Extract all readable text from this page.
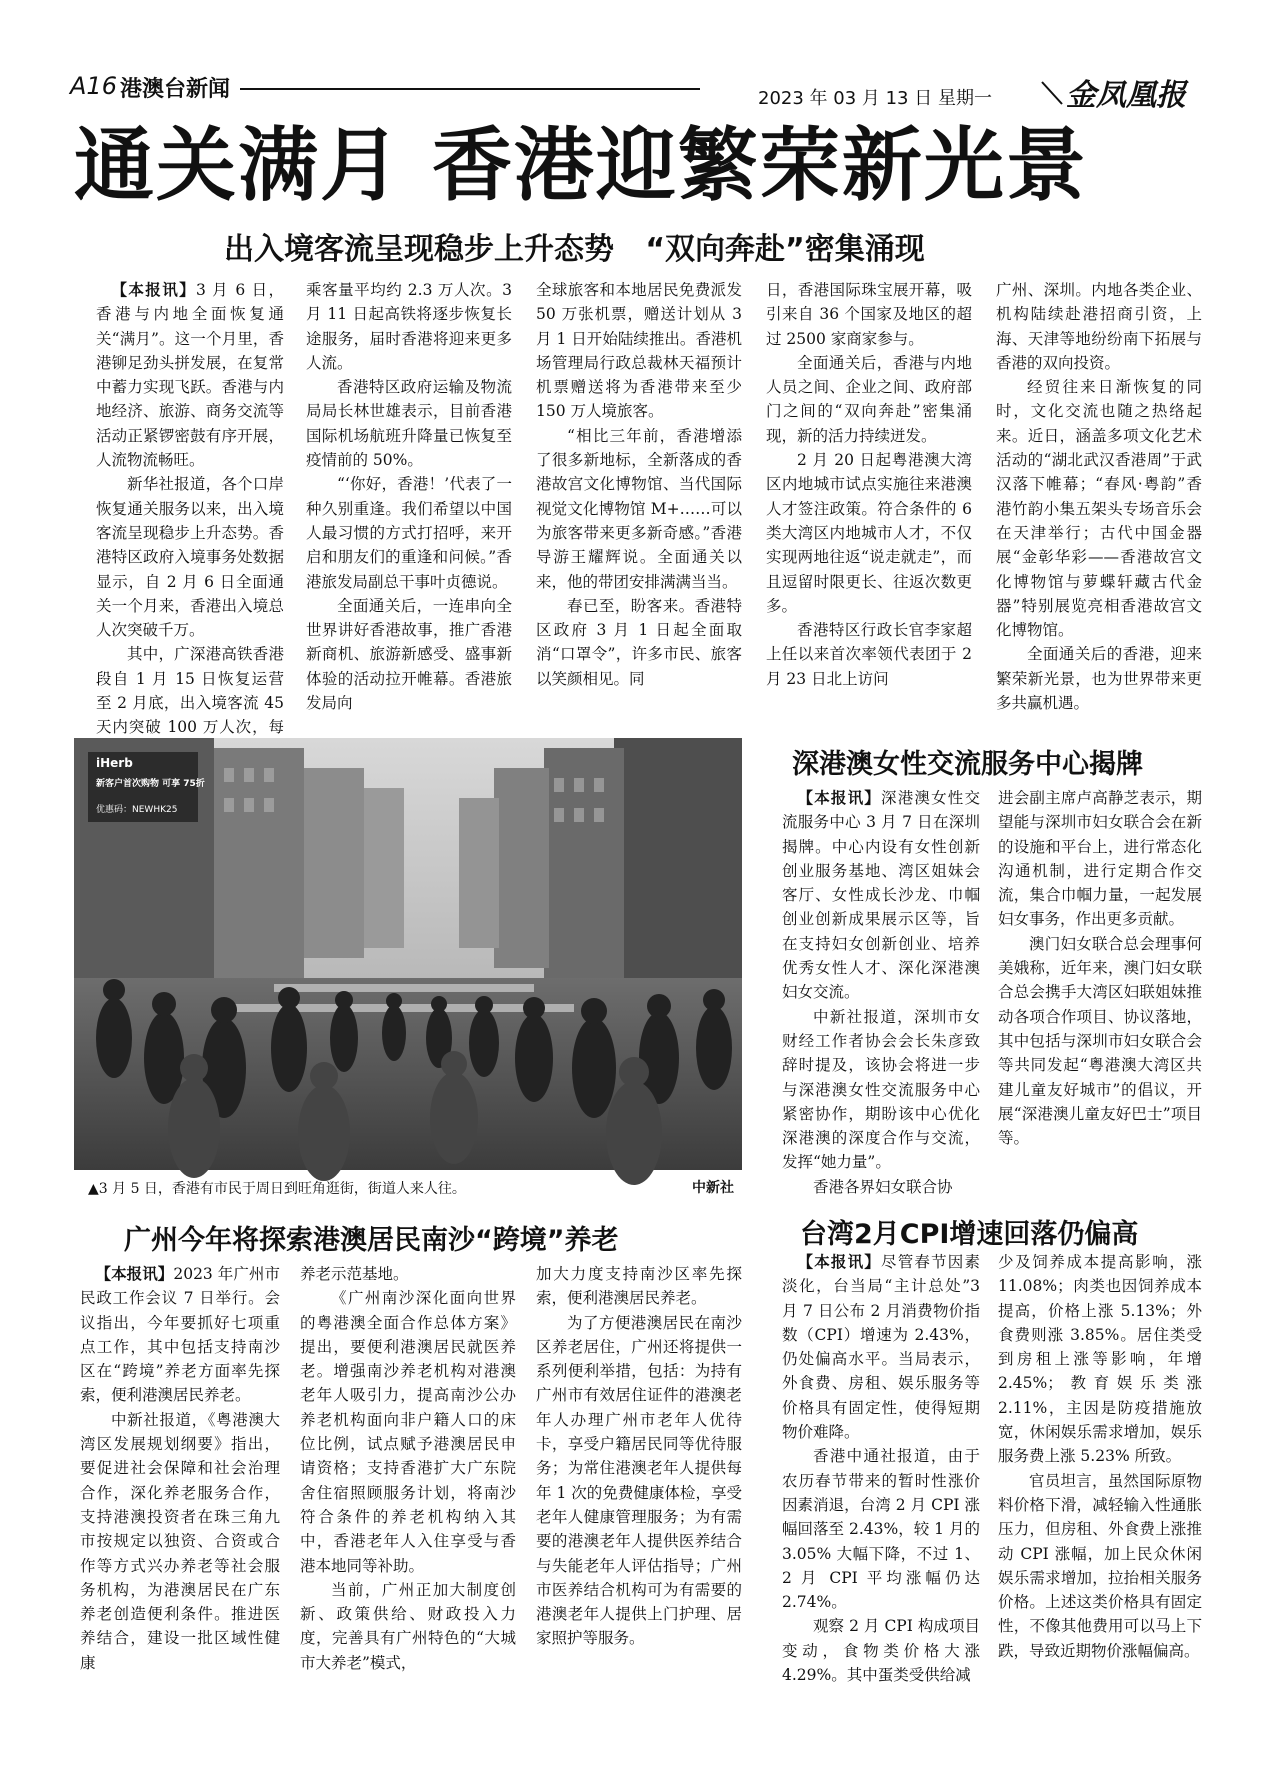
A16 港澳台新闻	2023 年 03 月 13 日 星期一 金凤凰报
通关满月 香港迎繁荣新光景
出入境客流呈现稳步上升态势   “双向奔赴”密集涌现

【本报讯】3 月 6 日，香港与内地全面恢复通关“满月”。这一个月里，香港铆足劲头拼发展，在复常中蓄力实现飞跃。香港与内地经济、旅游、商务交流等活动正紧锣密鼓有序开展，人流物流畅旺。

新华社报道，各个口岸恢复通关服务以来，出入境客流呈现稳步上升态势。香港特区政府入境事务处数据显示，自 2 月 6 日全面通关一个月来，香港出入境总人次突破千万。

其中，广深港高铁香港段自 1 月 15 日恢复运营至 2 月底，出入境客流 45 天内突破 100 万人次，每

乘客量平均约 2.3 万人次。3 月 11 日起高铁将逐步恢复长途服务，届时香港将迎来更多人流。

香港特区政府运输及物流局局长林世雄表示，目前香港国际机场航班升降量已恢复至疫情前的 50%。

“‘你好，香港！’代表了一种久别重逢。我们希望以中国人最习惯的方式打招呼，来开启和朋友们的重逢和问候。”香港旅发局副总干事叶贞德说。

全面通关后，一连串向全世界讲好香港故事，推广香港新商机、旅游新感受、盛事新体验的活动拉开帷幕。香港旅发局向

全球旅客和本地居民免费派发 50 万张机票，赠送计划从 3 月 1 日开始陆续推出。香港机场管理局行政总裁林天福预计机票赠送将为香港带来至少 150 万人境旅客。

“相比三年前，香港增添了很多新地标，全新落成的香港故宫文化博物馆、当代国际视觉文化博物馆 M+……可以为旅客带来更多新奇感。”香港导游王耀辉说。全面通关以来，他的带团安排满满当当。

春已至，盼客来。香港特区政府 3 月 1 日起全面取消“口罩令”，许多市民、旅客以笑颜相见。同

日，香港国际珠宝展开幕，吸引来自 36 个国家及地区的超过 2500 家商家参与。

全面通关后，香港与内地人员之间、企业之间、政府部门之间的“双向奔赴”密集涌现，新的活力持续迸发。

2 月 20 日起粤港澳大湾区内地城市试点实施往来港澳人才签注政策。符合条件的 6 类大湾区内地城市人才，不仅实现两地往返“说走就走”，而且逗留时限更长、往返次数更多。

香港特区行政长官李家超上任以来首次率领代表团于 2 月 23 日北上访问

广州、深圳。内地各类企业、机构陆续赴港招商引资，上海、天津等地纷纷南下拓展与香港的双向投资。

经贸往来日渐恢复的同时，文化交流也随之热络起来。近日，涵盖多项文化艺术活动的“湖北武汉香港周”于武汉落下帷幕；“春风·粤韵”香港竹韵小集五架头专场音乐会在天津举行；古代中国金器展“金彰华彩——香港故宫文化博物馆与萝蝶轩藏古代金器”特别展览亮相香港故宫文化博物馆。

全面通关后的香港，迎来繁荣新光景，也为世界带来更多共赢机遇。

iHerb
新客户首次购物 可享 75折
优惠码：NEWHK25
▲3 月 5 日，香港有市民于周日到旺角逛街，街道人来人往。	中新社
深港澳女性交流服务中心揭牌

【本报讯】深港澳女性交流服务中心 3 月 7 日在深圳揭牌。中心内设有女性创新创业服务基地、湾区姐妹会客厅、女性成长沙龙、巾帼创业创新成果展示区等，旨在支持妇女创新创业、培养优秀女性人才、深化深港澳妇女交流。

中新社报道，深圳市女财经工作者协会会长朱彦致辞时提及，该协会将进一步与深港澳女性交流服务中心紧密协作，期盼该中心优化深港澳的深度合作与交流，发挥“她力量”。

香港各界妇女联合协

进会副主席卢高静芝表示，期望能与深圳市妇女联合会在新的设施和平台上，进行常态化沟通机制，进行定期合作交流，集合巾帼力量，一起发展妇女事务，作出更多贡献。

澳门妇女联合总会理事何美娥称，近年来，澳门妇女联合总会携手大湾区妇联姐妹推动各项合作项目、协议落地，其中包括与深圳市妇女联合会等共同发起“粤港澳大湾区共建儿童友好城市”的倡议，开展“深港澳儿童友好巴士”项目等。

广州今年将探索港澳居民南沙“跨境”养老

【本报讯】2023 年广州市民政工作会议 7 日举行。会议指出，今年要抓好七项重点工作，其中包括支持南沙区在“跨境”养老方面率先探索，便利港澳居民养老。

中新社报道，《粤港澳大湾区发展规划纲要》指出，要促进社会保障和社会治理合作，深化养老服务合作，支持港澳投资者在珠三角九市按规定以独资、合资或合作等方式兴办养老等社会服务机构，为港澳居民在广东养老创造便利条件。推进医养结合，建设一批区域性健康

养老示范基地。

《广州南沙深化面向世界的粤港澳全面合作总体方案》提出，要便利港澳居民就医养老。增强南沙养老机构对港澳老年人吸引力，提高南沙公办养老机构面向非户籍人口的床位比例，试点赋予港澳居民申请资格；支持香港扩大广东院舍住宿照顾服务计划，将南沙符合条件的养老机构纳入其中，香港老年人入住享受与香港本地同等补助。

当前，广州正加大制度创新、政策供给、财政投入力度，完善具有广州特色的“大城市大养老”模式，

加大力度支持南沙区率先探索，便利港澳居民养老。

为了方便港澳居民在南沙区养老居住，广州还将提供一系列便利举措，包括：为持有广州市有效居住证件的港澳老年人办理广州市老年人优待卡，享受户籍居民同等优待服务；为常住港澳老年人提供每年 1 次的免费健康体检，享受老年人健康管理服务；为有需要的港澳老年人提供医养结合与失能老年人评估指导；广州市医养结合机构可为有需要的港澳老年人提供上门护理、居家照护等服务。

台湾2月CPI增速回落仍偏高

【本报讯】尽管春节因素淡化，台当局“主计总处”3 月 7 日公布 2 月消费物价指数（CPI）增速为 2.43%，仍处偏高水平。当局表示，外食费、房租、娱乐服务等价格具有固定性，使得短期物价难降。

香港中通社报道，由于农历春节带来的暂时性涨价因素消退，台湾 2 月 CPI 涨幅回落至 2.43%，较 1 月的 3.05% 大幅下降，不过 1、2 月 CPI 平均涨幅仍达 2.74%。

观察 2 月 CPI 构成项目变动，食物类价格大涨 4.29%。其中蛋类受供给减

少及饲养成本提高影响，涨 11.08%；肉类也因饲养成本提高，价格上涨 5.13%；外食费则涨 3.85%。居住类受到房租上涨等影响，年增 2.45%；教育娱乐类涨 2.11%，主因是防疫措施放宽，休闲娱乐需求增加，娱乐服务费上涨 5.23% 所致。

官员坦言，虽然国际原物料价格下滑，减轻输入性通胀压力，但房租、外食费上涨推动 CPI 涨幅，加上民众休闲娱乐需求增加，拉抬相关服务价格。上述这类价格具有固定性，不像其他费用可以马上下跌，导致近期物价涨幅偏高。
